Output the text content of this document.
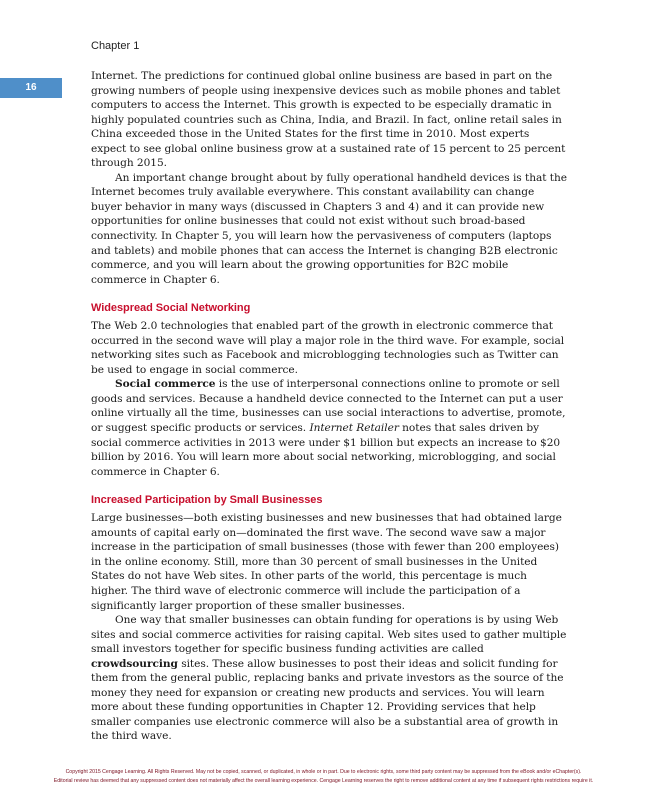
Chapter 1
16

Internet. The predictions for continued global online business are based in part on the growing numbers of people using inexpensive devices such as mobile phones and tablet computers to access the Internet. This growth is expected to be especially dramatic in highly populated countries such as China, India, and Brazil. In fact, online retail sales in China exceeded those in the United States for the first time in 2010. Most experts expect to see global online business grow at a sustained rate of 15 percent to 25 percent through 2015.

An important change brought about by fully operational handheld devices is that the Internet becomes truly available everywhere. This constant availability can change buyer behavior in many ways (discussed in Chapters 3 and 4) and it can provide new opportunities for online businesses that could not exist without such broad-based connectivity. In Chapter 5, you will learn how the pervasiveness of computers (laptops and tablets) and mobile phones that can access the Internet is changing B2B electronic commerce, and you will learn about the growing opportunities for B2C mobile commerce in Chapter 6.

Widespread Social Networking

The Web 2.0 technologies that enabled part of the growth in electronic commerce that occurred in the second wave will play a major role in the third wave. For example, social networking sites such as Facebook and microblogging technologies such as Twitter can be used to engage in social commerce.

Social commerce is the use of interpersonal connections online to promote or sell goods and services. Because a handheld device connected to the Internet can put a user online virtually all the time, businesses can use social interactions to advertise, promote, or suggest specific products or services. Internet Retailer notes that sales driven by social commerce activities in 2013 were under $1 billion but expects an increase to $20 billion by 2016. You will learn more about social networking, microblogging, and social commerce in Chapter 6.

Increased Participation by Small Businesses

Large businesses—both existing businesses and new businesses that had obtained large amounts of capital early on—dominated the first wave. The second wave saw a major increase in the participation of small businesses (those with fewer than 200 employees) in the online economy. Still, more than 30 percent of small businesses in the United States do not have Web sites. In other parts of the world, this percentage is much higher. The third wave of electronic commerce will include the participation of a significantly larger proportion of these smaller businesses.

One way that smaller businesses can obtain funding for operations is by using Web sites and social commerce activities for raising capital. Web sites used to gather multiple small investors together for specific business funding activities are called crowdsourcing sites. These allow businesses to post their ideas and solicit funding for them from the general public, replacing banks and private investors as the source of the money they need for expansion or creating new products and services. You will learn more about these funding opportunities in Chapter 12. Providing services that help smaller companies use electronic commerce will also be a substantial area of growth in the third wave.

Copyright 2015 Cengage Learning. All Rights Reserved. May not be copied, scanned, or duplicated, in whole or in part. Due to electronic rights, some third party content may be suppressed from the eBook and/or eChapter(s).
Editorial review has deemed that any suppressed content does not materially affect the overall learning experience. Cengage Learning reserves the right to remove additional content at any time if subsequent rights restrictions require it.
